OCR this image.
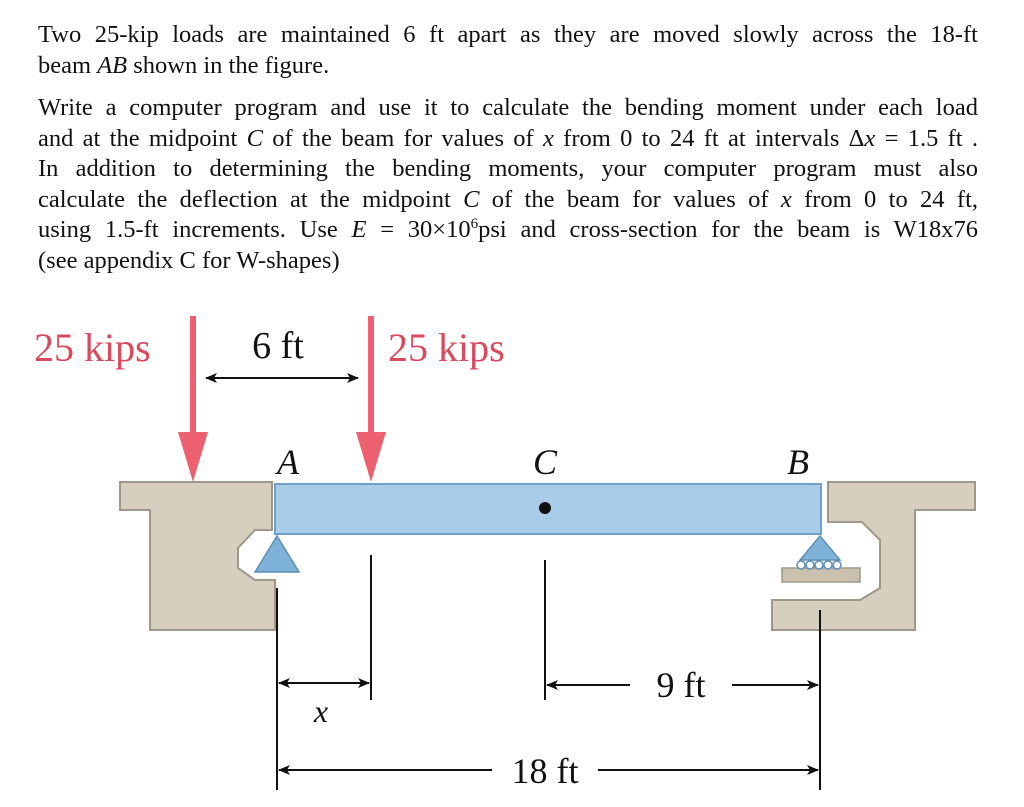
Two 25-kip loads are maintained 6 ft apart as they are moved slowly across the 18-ft
beam AB shown in the figure.
Write a computer program and use it to calculate the bending moment under each load
and at the midpoint C of the beam for values of x from 0 to 24 ft at intervals Δx = 1.5 ft .
In addition to determining the bending moments, your computer program must also
calculate the deflection at the midpoint C of the beam for values of x from 0 to 24 ft,
using 1.5-ft increments. Use $E = 30\times 10^6psi$ and cross-section for the beam is W18x76
(see appendix C for W-shapes)
25 kips	25 kips
6 ft
A	C	B
x
9 ft
18 ft
